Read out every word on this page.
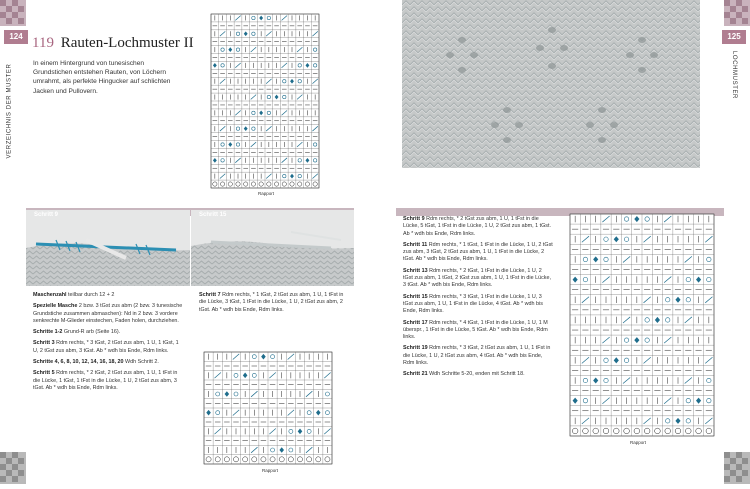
124	125
VERZEICHNIS DER MUSTER	LOCHMUSTER
119 Rauten-Lochmuster II
In einem Hintergrund von tunesischen Grundstichen entstehen Rauten, von Löchern umrahmt, als perfekte Hingucker auf schlichten Jacken und Pullovern.
Rapport
Schritt 9	Schritt 15

Maschenzahl teilbar durch 12 + 2

Spezielle Masche 2 bzw. 3 tGst zus abm (2 bzw. 3 tunesische Grundstiche zusammen abmaschen): Nd in 2 bzw. 3 vordere senkrechte M-Glieder einstechen, Faden holen, durchziehen.

Schritte 1-2 Grund-R arb (Seite 16).

Schritt 3 Rdm rechts, * 3 tGst, 2 tGst zus abm, 1 U, 1 tGst, 1 U, 2 tGst zus abm, 3 tGst. Ab * wdh bis Ende, Rdm links.

Schritte 4, 6, 8, 10, 12, 14, 16, 18, 20 Wdh Schritt 2.

Schritt 5 Rdm rechts, * 2 tGst, 2 tGst zus abm, 1 U, 1 tFst in die Lücke, 1 tGst, 1 tFst in die Lücke, 1 U, 2 tGst zus abm, 3 tGst. Ab * wdh bis Ende, Rdm links.

Schritt 7 Rdm rechts, * 1 tGst, 2 tGst zus abm, 1 U, 1 tFst in die Lücke, 3 tGst, 1 tFst in die Lücke, 1 U, 2 tGst zus abm, 2 tGst. Ab * wdh bis Ende, Rdm links.

Schritt 9 Rdm rechts, * 2 tGst zus abm, 1 U, 1 tFst in die Lücke, 5 tGst, 1 tFst in die Lücke, 1 U, 2 tGst zus abm, 1 tGst. Ab * wdh bis Ende, Rdm links.

Schritt 11 Rdm rechts, * 1 tGst, 1 tFst in die Lücke, 1 U, 2 tGst zus abm, 3 tGst, 2 tGst zus abm, 1 U, 1 tFst in die Lücke, 2 tGst. Ab * wdh bis Ende, Rdm links.

Schritt 13 Rdm rechts, * 2 tGst, 1 tFst in die Lücke, 1 U, 2 tGst zus abm, 1 tGst, 2 tGst zus abm, 1 U, 1 tFst in die Lücke, 3 tGst. Ab * wdh bis Ende, Rdm links.

Schritt 15 Rdm rechts, * 3 tGst, 1 tFst in die Lücke, 1 U, 3 tGst zus abm, 1 U, 1 tFst in die Lücke, 4 tGst. Ab * wdh bis Ende, Rdm links.

Schritt 17 Rdm rechts, * 4 tGst, 1 tFst in die Lücke, 1 U, 1 M überspr., 1 tFst in die Lücke, 5 tGst. Ab * wdh bis Ende, Rdm links.

Schritt 19 Rdm rechts, * 3 tGst, 2 tGst zus abm, 1 U, 1 tFst in die Lücke, 1 U, 2 tGst zus abm, 4 tGst. Ab * wdh bis Ende, Rdm links.

Schritt 21 Wdh Schritte 5-20, enden mit Schritt 18.

Rapport
Rapport
